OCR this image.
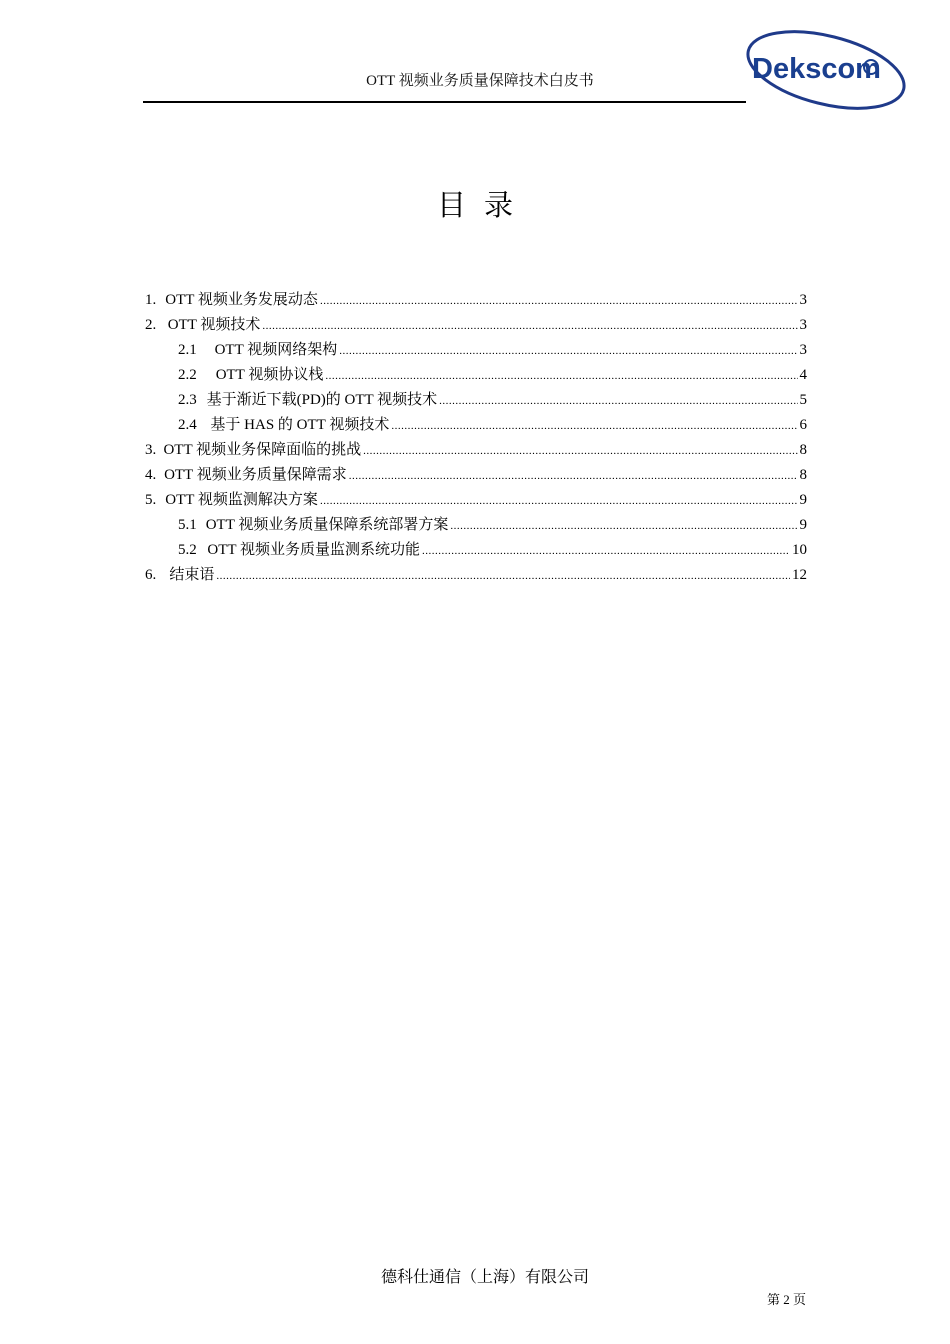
OTT 视频业务质量保障技术白皮书	Dekscom
目录
1. OTT 视频业务发展动态 .....	3
2. OTT 视频技术 .....	3
2.1	OTT 视频网络架构 .....	3
2.2	OTT 视频协议栈 .....	4
2.3 基于渐近下载(PD)的 OTT 视频技术 .....	5
2.4 基于 HAS 的 OTT 视频技术 .....	6
3. OTT 视频业务保障面临的挑战 .....	8
4. OTT 视频业务质量保障需求 .....	8
5. OTT 视频监测解决方案 .....	9
5.1 OTT 视频业务质量保障系统部署方案 .....	9
5.2 OTT 视频业务质量监测系统功能 .....	10
6. 结束语 .....	12
德科仕通信（上海）有限公司
第 2 页
